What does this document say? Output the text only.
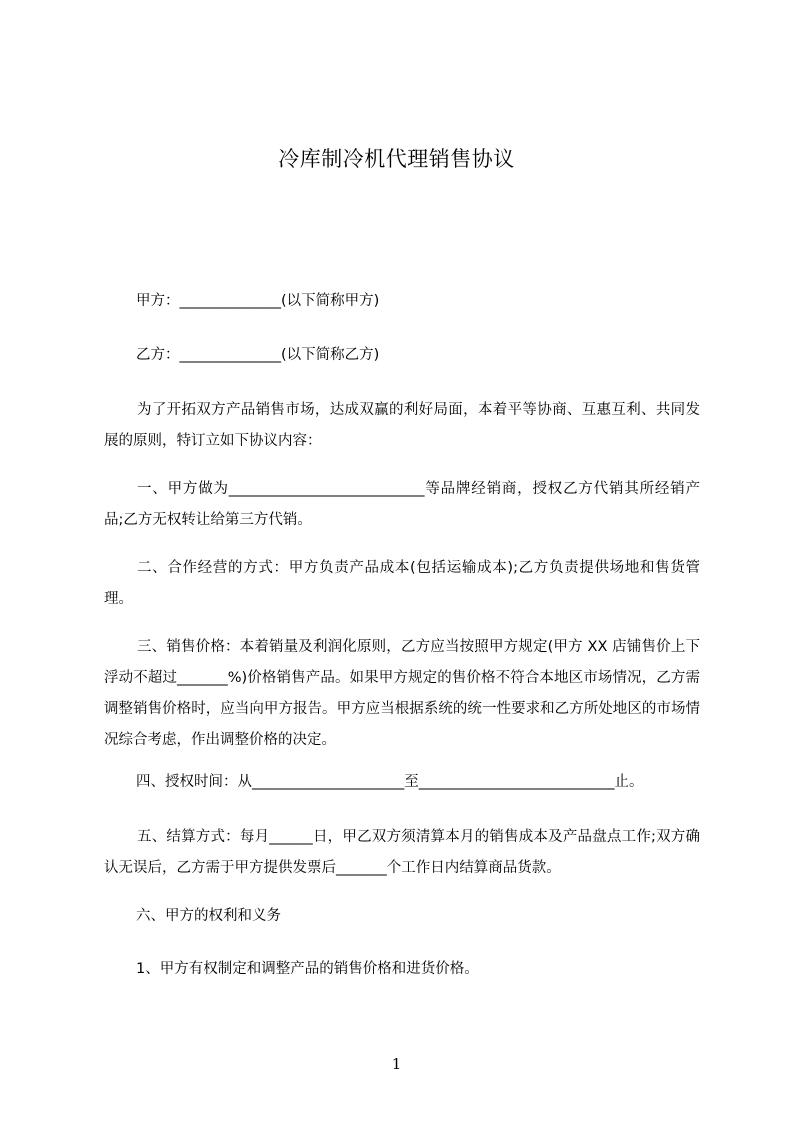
冷库制冷机代理销售协议
甲方：______________(以下简称甲方)
乙方：______________(以下简称乙方)
为了开拓双方产品销售市场，达成双赢的利好局面，本着平等协商、互惠互利、共同发展的原则，特订立如下协议内容：
一、甲方做为___________________________等品牌经销商，授权乙方代销其所经销产品;乙方无权转让给第三方代销。
二、合作经营的方式：甲方负责产品成本(包括运输成本);乙方负责提供场地和售货管理。
三、销售价格：本着销量及利润化原则，乙方应当按照甲方规定(甲方 XX 店铺售价上下浮动不超过_______%)价格销售产品。如果甲方规定的售价格不符合本地区市场情况，乙方需调整销售价格时，应当向甲方报告。甲方应当根据系统的统一性要求和乙方所处地区的市场情况综合考虑，作出调整价格的决定。
四、授权时间：从_____________________至___________________________止。
五、结算方式：每月______日，甲乙双方须清算本月的销售成本及产品盘点工作;双方确认无误后，乙方需于甲方提供发票后_______个工作日内结算商品货款。
六、甲方的权利和义务
1、甲方有权制定和调整产品的销售价格和进货价格。
1
